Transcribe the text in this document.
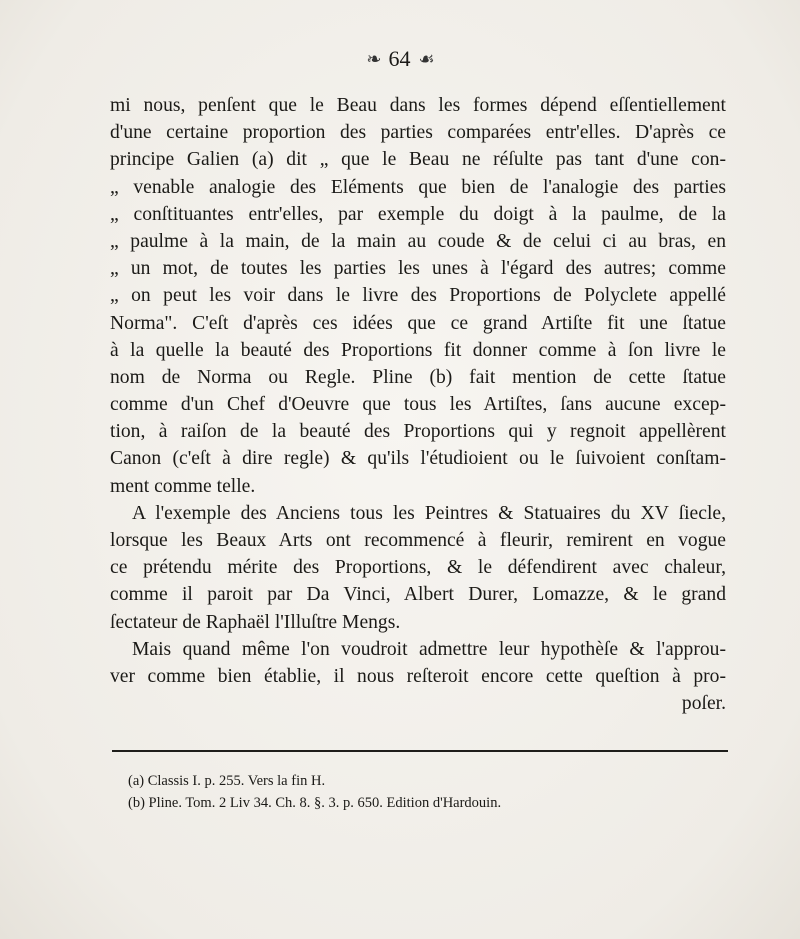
❧ 64 ☙
mi nous, penſent que le Beau dans les formes dépend eſſentiellement
d'une certaine proportion des parties comparées entr'elles. D'après ce
principe Galien (a) dit „ que le Beau ne réſulte pas tant d'une con-
„ venable analogie des Eléments que bien de l'analogie des parties
„ conſtituantes entr'elles, par exemple du doigt à la paulme, de la
„ paulme à la main, de la main au coude & de celui ci au bras, en
„ un mot, de toutes les parties les unes à l'égard des autres; comme
„ on peut les voir dans le livre des Proportions de Polyclete appellé
Norma". C'eſt d'après ces idées que ce grand Artiſte fit une ſtatue
à la quelle la beauté des Proportions fit donner comme à ſon livre le
nom de Norma ou Regle. Pline (b) fait mention de cette ſtatue
comme d'un Chef d'Oeuvre que tous les Artiſtes, ſans aucune excep-
tion, à raiſon de la beauté des Proportions qui y regnoit appellèrent
Canon (c'eſt à dire regle) & qu'ils l'étudioient ou le ſuivoient conſtam-
ment comme telle.
A l'exemple des Anciens tous les Peintres & Statuaires du XV ſiecle,
lorsque les Beaux Arts ont recommencé à fleurir, remirent en vogue
ce prétendu mérite des Proportions, & le défendirent avec chaleur,
comme il paroit par Da Vinci, Albert Durer, Lomazze, & le grand
ſectateur de Raphaël l'Illuſtre Mengs.
Mais quand même l'on voudroit admettre leur hypothèſe & l'approu-
ver comme bien établie, il nous reſteroit encore cette queſtion à pro-
poſer.
(a) Classis I. p. 255. Vers la fin H.
(b) Pline. Tom. 2 Liv 34. Ch. 8. §. 3. p. 650. Edition d'Hardouin.
